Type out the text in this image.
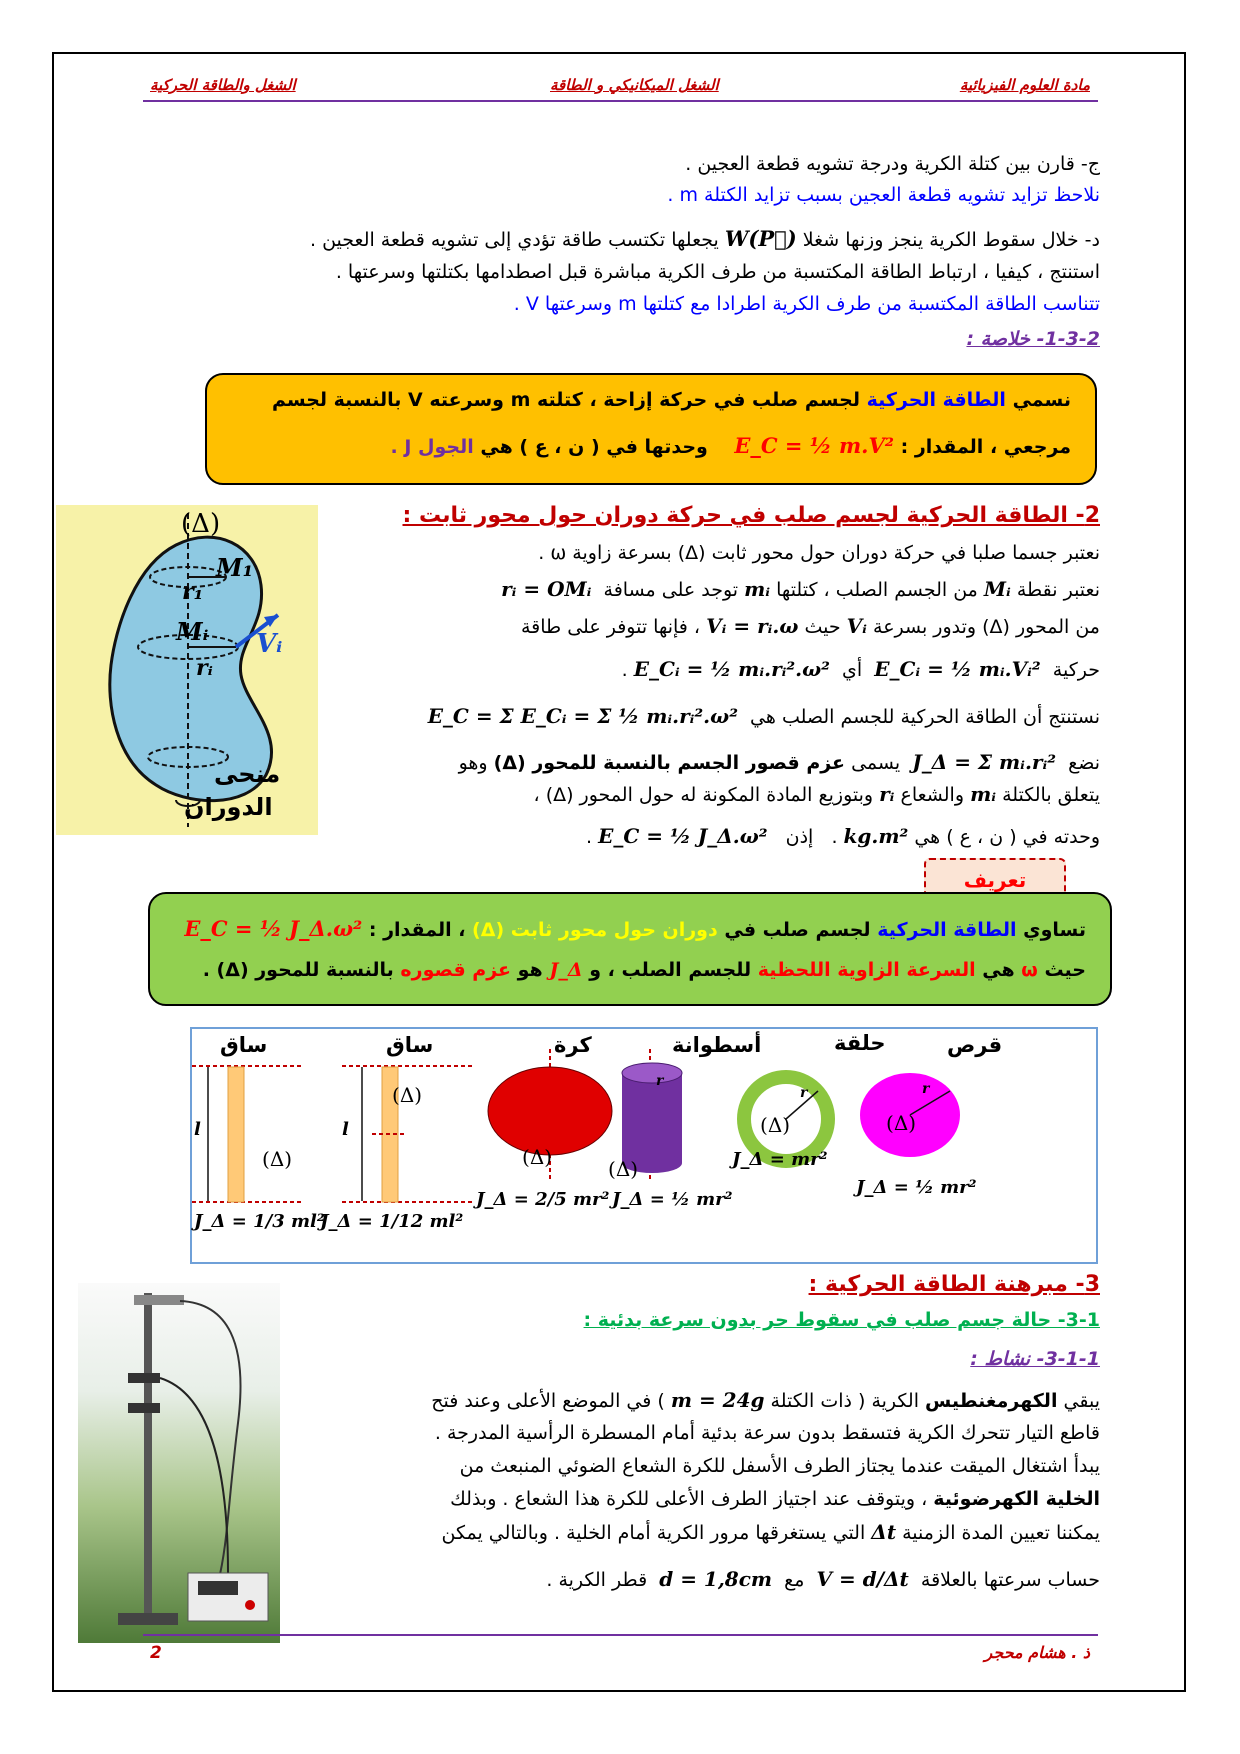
مادة العلوم الفيزيائية
الشغل الميكانيكي و الطاقة
الشغل والطاقة الحركية
ج- قارن بين كتلة الكرية ودرجة تشويه قطعة العجين .
نلاحظ تزايد تشويه قطعة العجين بسبب تزايد الكتلة m .
د- خلال سقوط الكرية ينجز وزنها شغلا W(P⃗) يجعلها تكتسب طاقة تؤدي إلى تشويه قطعة العجين .
استنتج ، كيفيا ، ارتباط الطاقة المكتسبة من طرف الكرية مباشرة قبل اصطدامها بكتلتها وسرعتها .
تتناسب الطاقة المكتسبة من طرف الكرية اطرادا مع كتلتها m وسرعتها V .
1-3-2- خلاصة :
نسمي الطاقة الحركية لجسم صلب في حركة إزاحة ، كتلته m وسرعته V بالنسبة لجسم
مرجعي ، المقدار : E_C = ½ m.V²    وحدتها في ( ن ، ع ) هي الجول J .
2- الطاقة الحركية لجسم صلب في حركة دوران حول محور ثابت :
(Δ)
M₁
r₁
Mᵢ
rᵢ
Vᵢ
منحى
الدوران
نعتبر جسما صلبا في حركة دوران حول محور ثابت (Δ) بسرعة زاوية ω .
نعتبر نقطة Mᵢ من الجسم الصلب ، كتلتها mᵢ توجد على مسافة  rᵢ = OMᵢ
من المحور (Δ) وتدور بسرعة Vᵢ حيث Vᵢ = rᵢ.ω ، فإنها تتوفر على طاقة
حركية  E_Cᵢ = ½ mᵢ.Vᵢ²  أي  E_Cᵢ = ½ mᵢ.rᵢ².ω² .
نستنتج أن الطاقة الحركية للجسم الصلب هي  E_C = Σ E_Cᵢ = Σ ½ mᵢ.rᵢ².ω²
نضع  J_Δ = Σ mᵢ.rᵢ²  يسمى عزم قصور الجسم بالنسبة للمحور (Δ) وهو
يتعلق بالكتلة mᵢ والشعاع rᵢ وبتوزيع المادة المكونة له حول المحور (Δ) ،
وحدته في ( ن ، ع ) هي kg.m² .   إذن   E_C = ½ J_Δ.ω² .
تعريف
تساوي الطاقة الحركية لجسم صلب في دوران حول محور ثابت (Δ) ، المقدار : E_C = ½ J_Δ.ω²
حيث ω هي السرعة الزاوية اللحظية للجسم الصلب ، و J_Δ هو عزم قصوره بالنسبة للمحور (Δ) .
قرص
حلقة
أسطوانة
كرة
ساق
ساق
l	l
(Δ)
(Δ)	(Δ)	(Δ)
r
(Δ)
r
(Δ)
r
J_Δ = ½ mr²
J_Δ = mr²
J_Δ = ½ mr²
J_Δ = 2/5 mr²
J_Δ = 1/12 ml²
J_Δ = 1/3 ml²
3- مبرهنة الطاقة الحركية :
3-1- حالة جسم صلب في سقوط حر بدون سرعة بدئية :
3-1-1- نشاط :
يبقي الكهرمغنطيس الكرية ( ذات الكتلة m = 24g ) في الموضع الأعلى وعند فتح
قاطع التيار تتحرك الكرية فتسقط بدون سرعة بدئية أمام المسطرة الرأسية المدرجة .
يبدأ اشتغال الميقت عندما يجتاز الطرف الأسفل للكرة الشعاع الضوئي المنبعث من
الخلية الكهرضوئية ، ويتوقف عند اجتياز الطرف الأعلى للكرة هذا الشعاع . وبذلك
يمكننا تعيين المدة الزمنية Δt التي يستغرقها مرور الكرية أمام الخلية . وبالتالي يمكن
حساب سرعتها بالعلاقة  V = d/Δt  مع  d = 1,8cm  قطر الكرية .
ذ . هشام محجر
2
